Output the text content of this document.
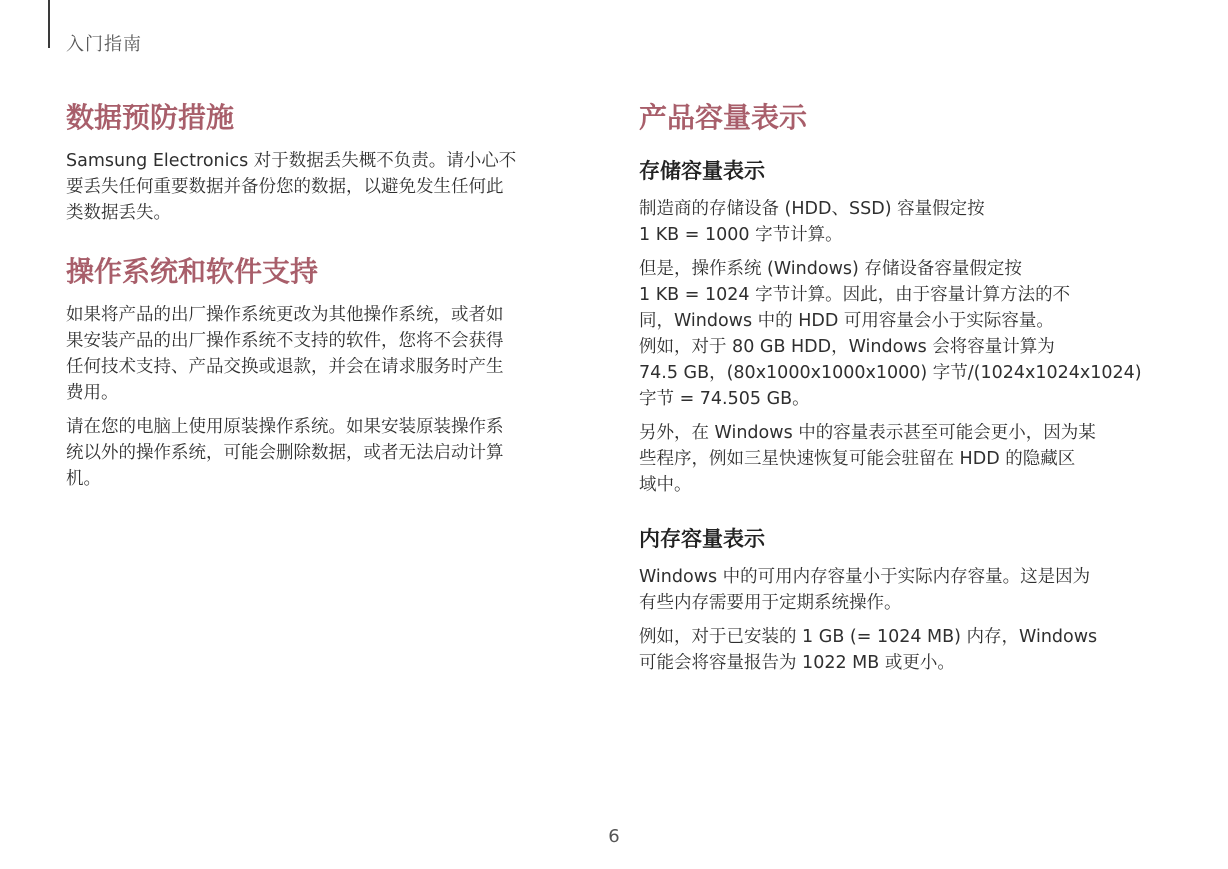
入门指南
数据预防措施

Samsung Electronics 对于数据丢失概不负责。请小心不
要丢失任何重要数据并备份您的数据，以避免发生任何此
类数据丢失。

操作系统和软件支持

如果将产品的出厂操作系统更改为其他操作系统，或者如
果安装产品的出厂操作系统不支持的软件，您将不会获得
任何技术支持、产品交换或退款，并会在请求服务时产生
费用。

请在您的电脑上使用原装操作系统。如果安装原装操作系
统以外的操作系统，可能会删除数据，或者无法启动计算
机。

产品容量表示
存储容量表示

制造商的存储设备 (HDD、SSD) 容量假定按
1 KB = 1000 字节计算。

但是，操作系统 (Windows) 存储设备容量假定按
1 KB = 1024 字节计算。因此，由于容量计算方法的不
同，Windows 中的 HDD 可用容量会小于实际容量。
例如，对于 80 GB HDD，Windows 会将容量计算为
74.5 GB，(80x1000x1000x1000) 字节/(1024x1024x1024)
字节 = 74.505 GB。

另外，在 Windows 中的容量表示甚至可能会更小，因为某
些程序，例如三星快速恢复可能会驻留在 HDD 的隐藏区
域中。

内存容量表示

Windows 中的可用内存容量小于实际内存容量。这是因为
有些内存需要用于定期系统操作。

例如，对于已安装的 1 GB (= 1024 MB) 内存，Windows
可能会将容量报告为 1022 MB 或更小。

6
